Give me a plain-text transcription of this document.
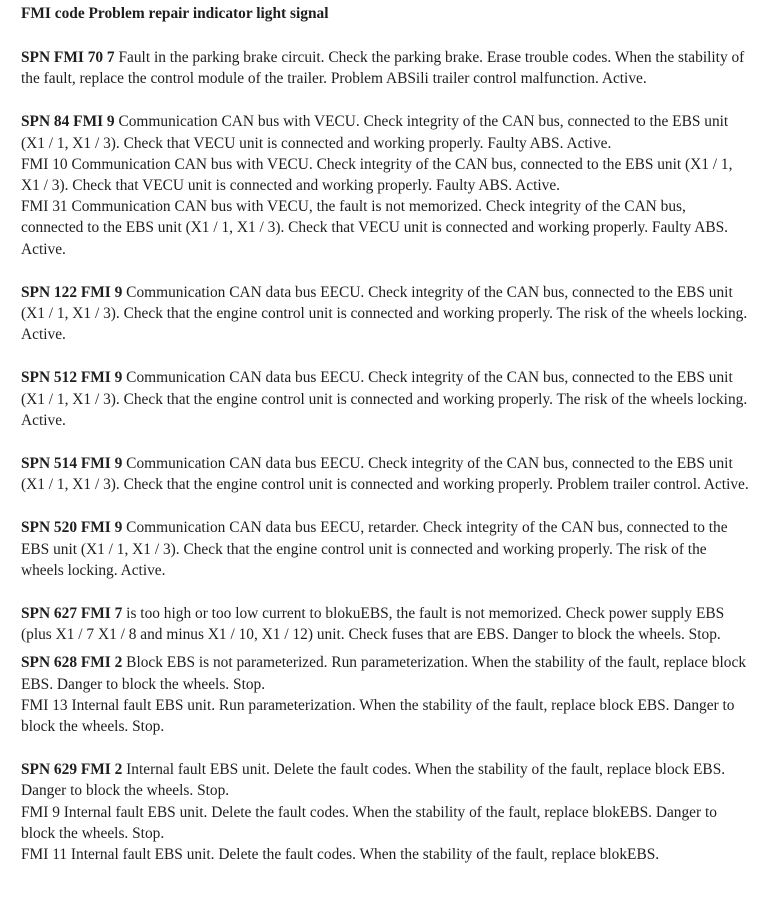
FMI code Problem repair indicator light signal

SPN FMI 70 7 Fault in the parking brake circuit. Check the parking brake. Erase trouble codes. When the stability of the fault, replace the control module of the trailer. Problem ABSili trailer control malfunction. Active.

SPN 84 FMI 9 Communication CAN bus with VECU. Check integrity of the CAN bus, connected to the EBS unit (X1 / 1, X1 / 3). Check that VECU unit is connected and working properly. Faulty ABS. Active.

FMI 10 Communication CAN bus with VECU. Check integrity of the CAN bus, connected to the EBS unit (X1 / 1, X1 / 3). Check that VECU unit is connected and working properly. Faulty ABS. Active.

FMI 31 Communication CAN bus with VECU, the fault is not memorized. Check integrity of the CAN bus, connected to the EBS unit (X1 / 1, X1 / 3). Check that VECU unit is connected and working properly. Faulty ABS. Active.

SPN 122 FMI 9 Communication CAN data bus EECU. Check integrity of the CAN bus, connected to the EBS unit (X1 / 1, X1 / 3). Check that the engine control unit is connected and working properly. The risk of the wheels locking. Active.

SPN 512 FMI 9 Communication CAN data bus EECU. Check integrity of the CAN bus, connected to the EBS unit (X1 / 1, X1 / 3). Check that the engine control unit is connected and working properly. The risk of the wheels locking. Active.

SPN 514 FMI 9 Communication CAN data bus EECU. Check integrity of the CAN bus, connected to the EBS unit (X1 / 1, X1 / 3). Check that the engine control unit is connected and working properly. Problem trailer control. Active.

SPN 520 FMI 9 Communication CAN data bus EECU, retarder. Check integrity of the CAN bus, connected to the EBS unit (X1 / 1, X1 / 3). Check that the engine control unit is connected and working properly. The risk of the wheels locking. Active.

SPN 627 FMI 7 is too high or too low current to blokuEBS, the fault is not memorized. Check power supply EBS (plus X1 / 7 X1 / 8 and minus X1 / 10, X1 / 12) unit. Check fuses that are EBS. Danger to block the wheels. Stop.

SPN 628 FMI 2 Block EBS is not parameterized. Run parameterization. When the stability of the fault, replace block EBS. Danger to block the wheels. Stop.

FMI 13 Internal fault EBS unit. Run parameterization. When the stability of the fault, replace block EBS. Danger to block the wheels. Stop.

SPN 629 FMI 2 Internal fault EBS unit. Delete the fault codes. When the stability of the fault, replace block EBS. Danger to block the wheels. Stop.

FMI 9 Internal fault EBS unit. Delete the fault codes. When the stability of the fault, replace blokEBS. Danger to block the wheels. Stop.

FMI 11 Internal fault EBS unit. Delete the fault codes. When the stability of the fault, replace blokEBS.
